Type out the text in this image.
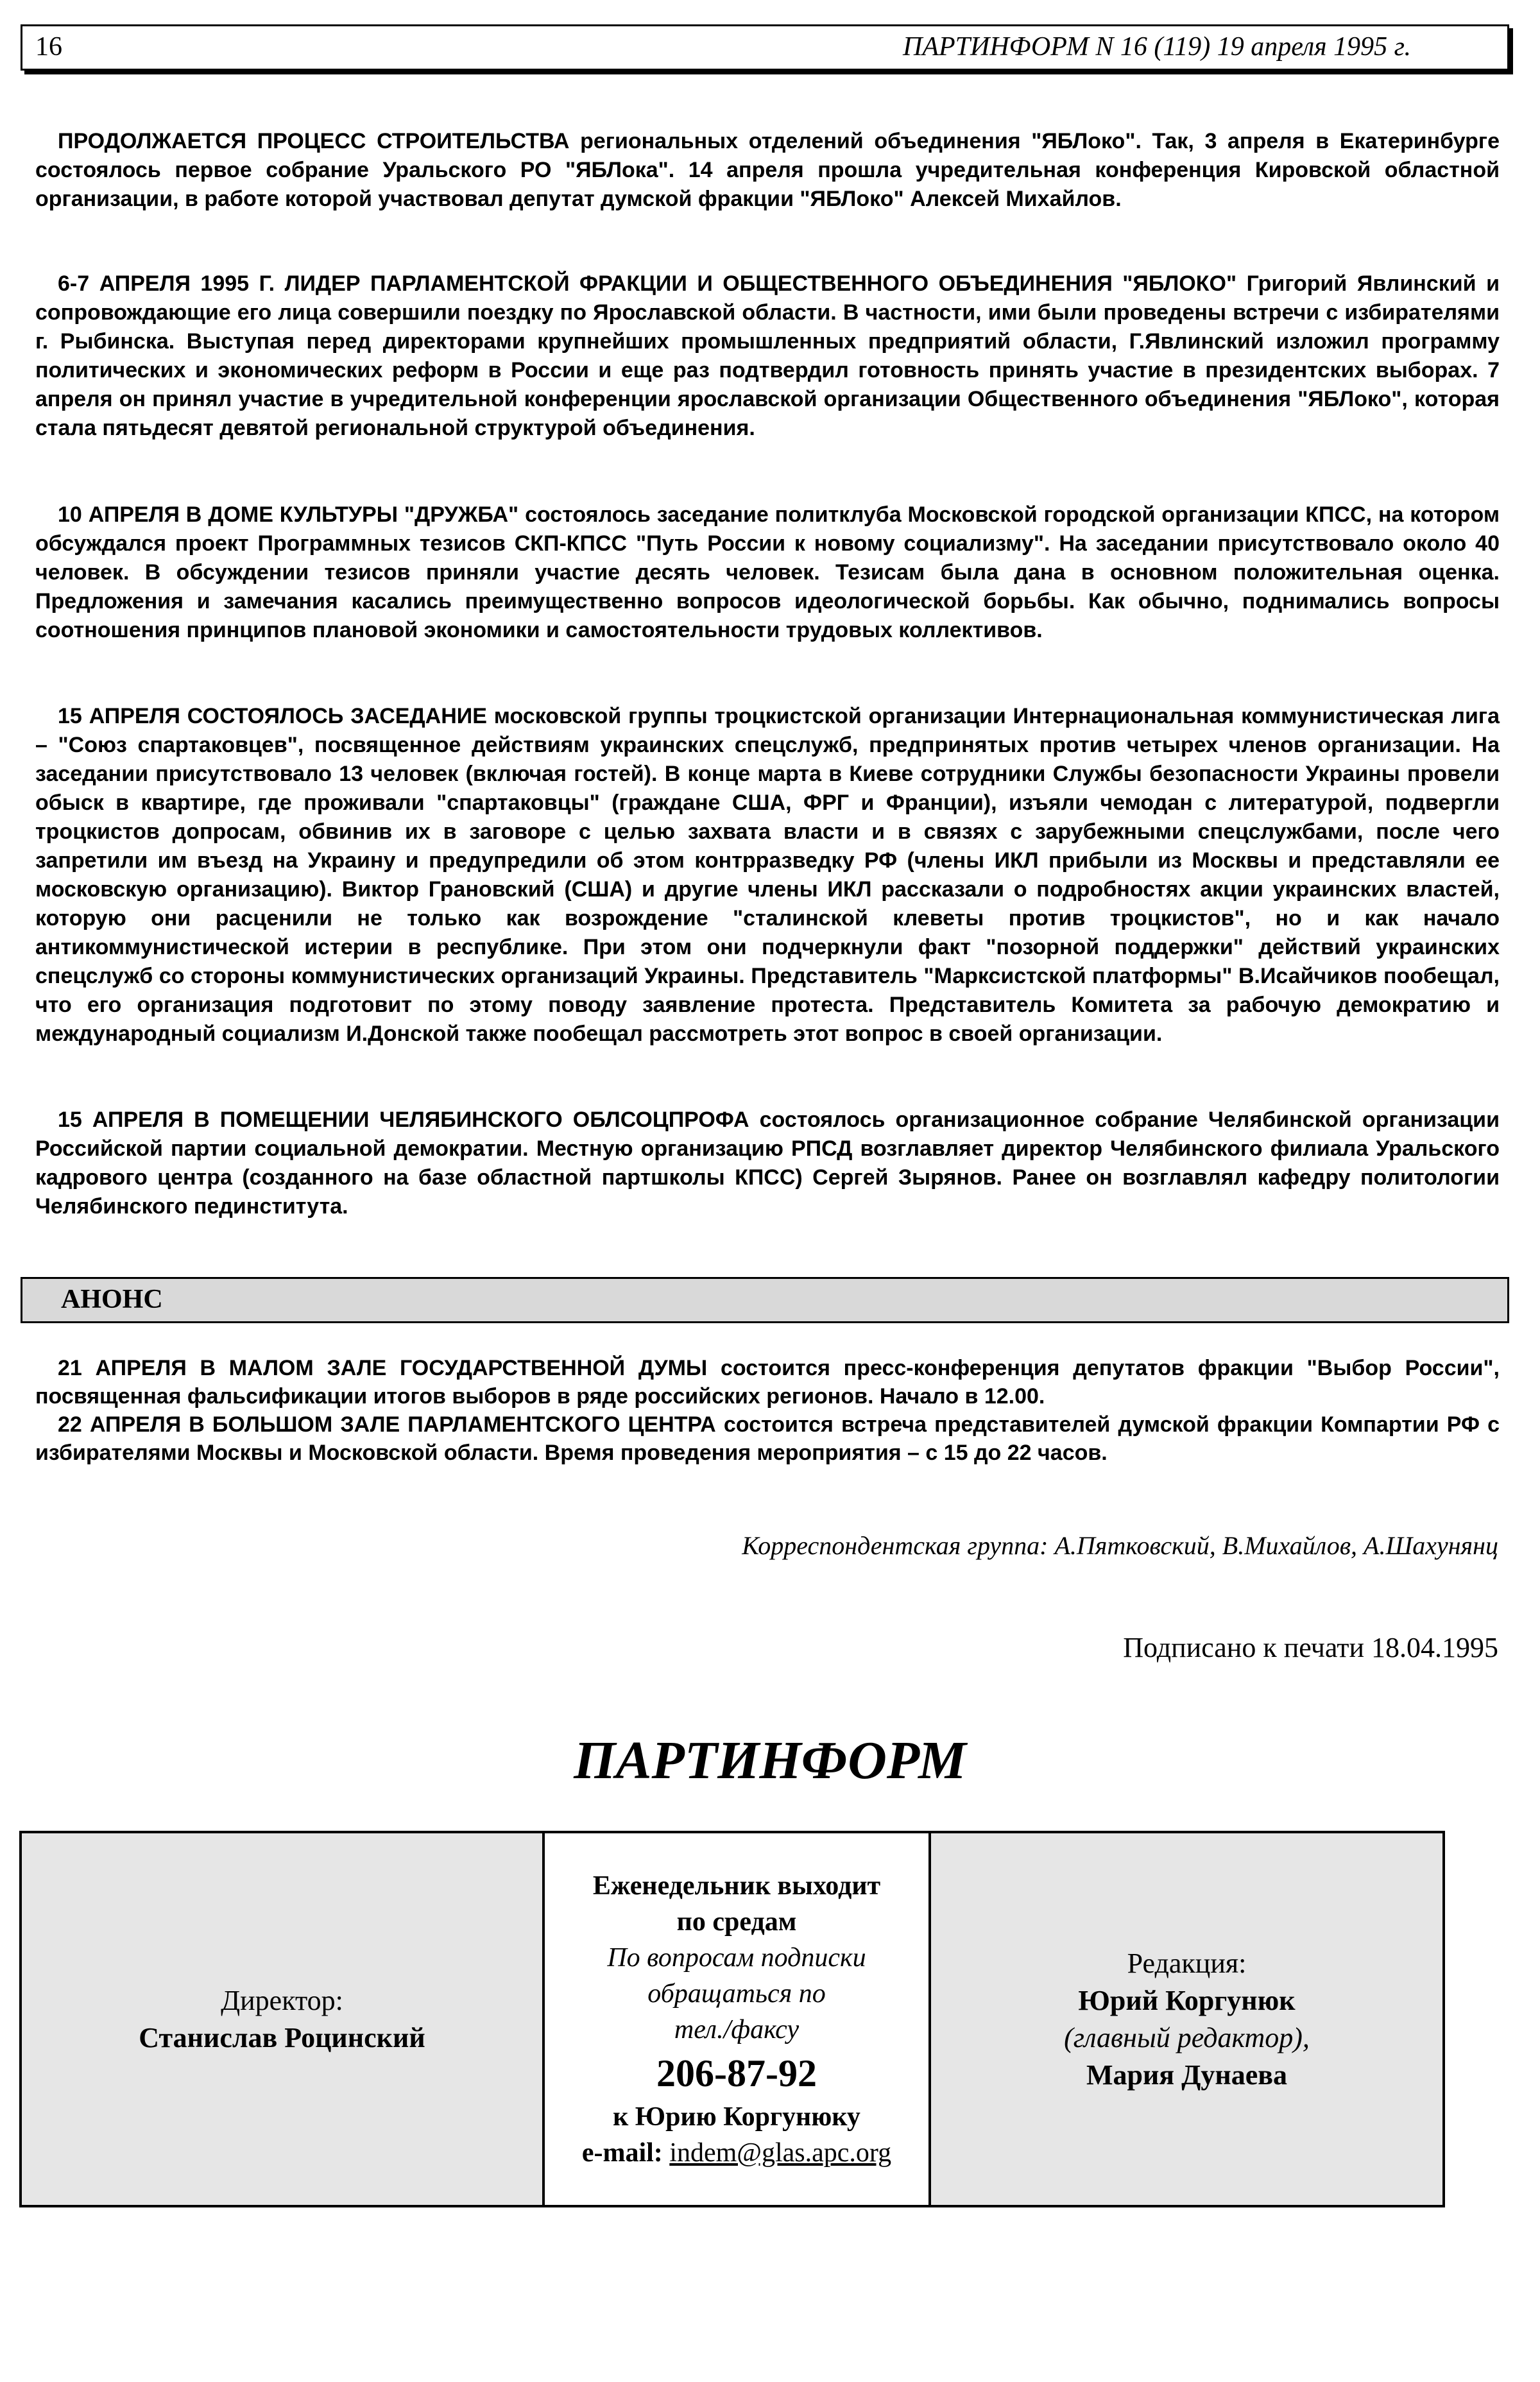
16	ПАРТИНФОРМ N 16 (119) 19 апреля 1995 г.

ПРОДОЛЖАЕТСЯ ПРОЦЕСС СТРОИТЕЛЬСТВА региональных отделений объединения "ЯБЛоко". Так, 3 апреля в Екатеринбурге состоялось первое собрание Уральского РО "ЯБЛока". 14 апреля прошла учредительная конференция Кировской областной организации, в работе которой участвовал депутат думской фракции "ЯБЛоко" Алексей Михайлов.

6-7 АПРЕЛЯ 1995 Г. ЛИДЕР ПАРЛАМЕНТСКОЙ ФРАКЦИИ И ОБЩЕСТВЕННОГО ОБЪЕДИНЕНИЯ "ЯБЛОКО" Григорий Явлинский и сопровождающие его лица совершили поездку по Ярославской области. В частности, ими были проведены встречи с избирателями г. Рыбинска. Выступая перед директорами крупнейших промышленных предприятий области, Г.Явлинский изложил программу политических и экономических реформ в России и еще раз подтвердил готовность принять участие в президентских выборах. 7 апреля он принял участие в учредительной конференции ярославской организации Общественного объединения "ЯБЛоко", которая стала пятьдесят девятой региональной структурой объединения.

10 АПРЕЛЯ В ДОМЕ КУЛЬТУРЫ "ДРУЖБА" состоялось заседание политклуба Московской городской организации КПСС, на котором обсуждался проект Программных тезисов СКП-КПСС "Путь России к новому социализму". На заседании присутствовало около 40 человек. В обсуждении тезисов приняли участие десять человек. Тезисам была дана в основном положительная оценка. Предложения и замечания касались преимущественно вопросов идеологической борьбы. Как обычно, поднимались вопросы соотношения принципов плановой экономики и самостоятельности трудовых коллективов.

15 АПРЕЛЯ СОСТОЯЛОСЬ ЗАСЕДАНИЕ московской группы троцкистской организации Интернациональная коммунистическая лига – "Союз спартаковцев", посвященное действиям украинских спецслужб, предпринятых против четырех членов организации. На заседании присутствовало 13 человек (включая гостей). В конце марта в Киеве сотрудники Службы безопасности Украины провели обыск в квартире, где проживали "спартаковцы" (граждане США, ФРГ и Франции), изъяли чемодан с литературой, подвергли троцкистов допросам, обвинив их в заговоре с целью захвата власти и в связях с зарубежными спецслужбами, после чего запретили им въезд на Украину и предупредили об этом контрразведку РФ (члены ИКЛ прибыли из Москвы и представляли ее московскую организацию). Виктор Грановский (США) и другие члены ИКЛ рассказали о подробностях акции украинских властей, которую они расценили не только как возрождение "сталинской клеветы против троцкистов", но и как начало антикоммунистической истерии в республике. При этом они подчеркнули факт "позорной поддержки" действий украинских спецслужб со стороны коммунистических организаций Украины. Представитель "Марксистской платформы" В.Исайчиков пообещал, что его организация подготовит по этому поводу заявление протеста. Представитель Комитета за рабочую демократию и международный социализм И.Донской также пообещал рассмотреть этот вопрос в своей организации.

15 АПРЕЛЯ В ПОМЕЩЕНИИ ЧЕЛЯБИНСКОГО ОБЛСОЦПРОФА состоялось организационное собрание Челябинской организации Российской партии социальной демократии. Местную организацию РПСД возглавляет директор Челябинского филиала Уральского кадрового центра (созданного на базе областной партшколы КПСС) Сергей Зырянов. Ранее он возглавлял кафедру политологии Челябинского пединститута.

АНОНС

21 АПРЕЛЯ В МАЛОМ ЗАЛЕ ГОСУДАРСТВЕННОЙ ДУМЫ состоится пресс-конференция депутатов фракции "Выбор России", посвященная фальсификации итогов выборов в ряде российских регионов. Начало в 12.00.

22 АПРЕЛЯ В БОЛЬШОМ ЗАЛЕ ПАРЛАМЕНТСКОГО ЦЕНТРА состоится встреча представителей думской фракции Компартии РФ с избирателями Москвы и Московской области. Время проведения мероприятия – с 15 до 22 часов.

Корреспондентская группа: А.Пятковский, В.Михайлов, А.Шахунянц
Подписано к печати 18.04.1995
ПАРТИНФОРМ
Директор:
Станислав Роцинский
Еженедельник выходит
по средам
По вопросам подписки
обращаться по
тел./факсу
206-87-92
к Юрию Коргунюку
e-mail: indem@glas.apc.org
Редакция:
Юрий Коргунюк
(главный редактор),
Мария Дунаева
